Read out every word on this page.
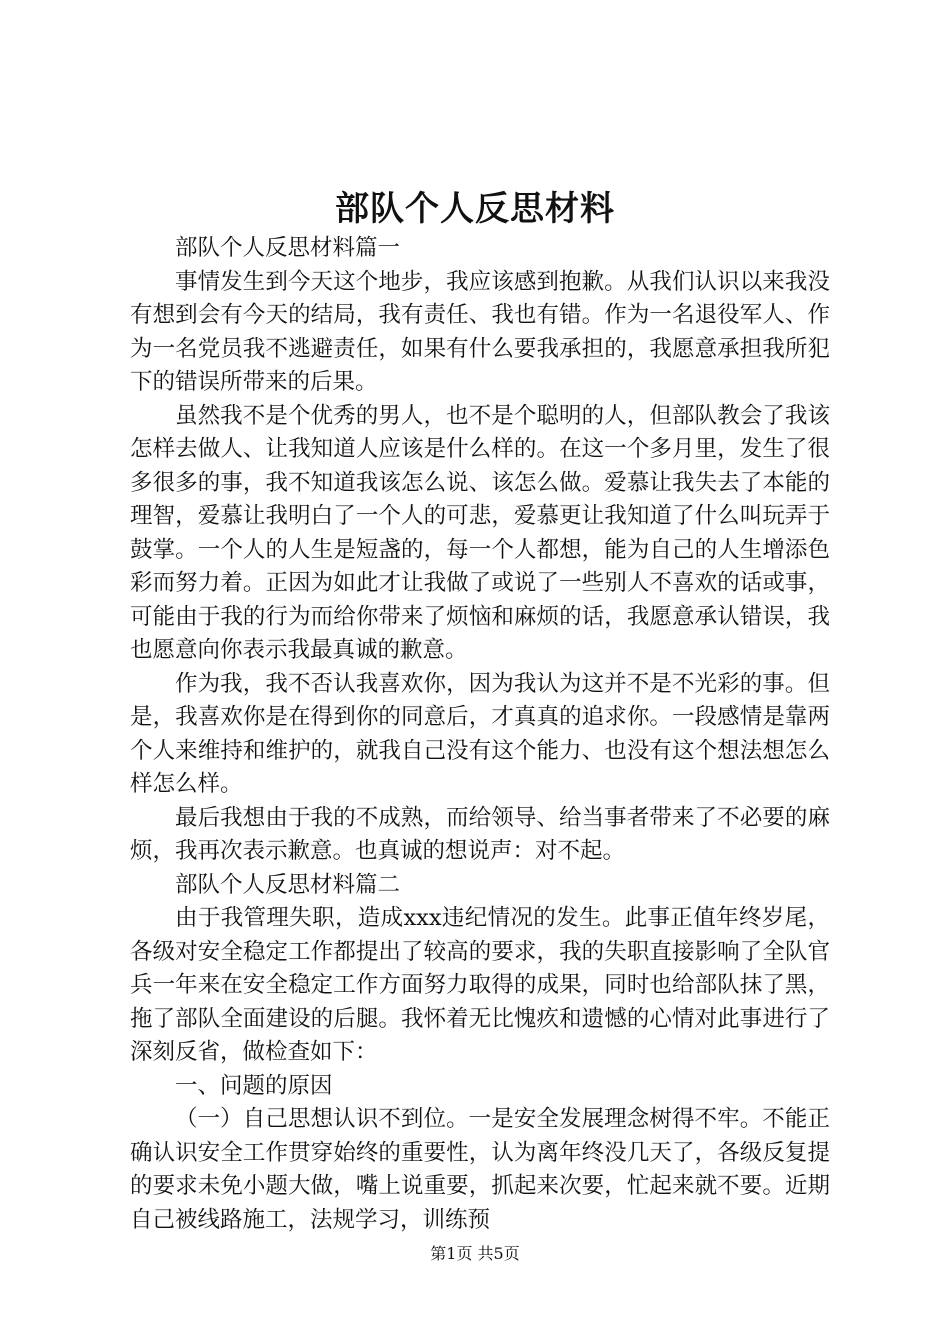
部队个人反思材料

部队个人反思材料篇一

事情发生到今天这个地步，我应该感到抱歉。从我们认识以来我没有想到会有今天的结局，我有责任、我也有错。作为一名退役军人、作为一名党员我不逃避责任，如果有什么要我承担的，我愿意承担我所犯下的错误所带来的后果。

虽然我不是个优秀的男人，也不是个聪明的人，但部队教会了我该怎样去做人、让我知道人应该是什么样的。在这一个多月里，发生了很多很多的事，我不知道我该怎么说、该怎么做。爱慕让我失去了本能的理智，爱慕让我明白了一个人的可悲，爱慕更让我知道了什么叫玩弄于鼓掌。一个人的人生是短盏的，每一个人都想，能为自己的人生增添色彩而努力着。正因为如此才让我做了或说了一些别人不喜欢的话或事，可能由于我的行为而给你带来了烦恼和麻烦的话，我愿意承认错误，我也愿意向你表示我最真诚的歉意。

作为我，我不否认我喜欢你，因为我认为这并不是不光彩的事。但是，我喜欢你是在得到你的同意后，才真真的追求你。一段感情是靠两个人来维持和维护的，就我自己没有这个能力、也没有这个想法想怎么样怎么样。

最后我想由于我的不成熟，而给领导、给当事者带来了不必要的麻烦，我再次表示歉意。也真诚的想说声：对不起。

部队个人反思材料篇二

由于我管理失职，造成xxx违纪情况的发生。此事正值年终岁尾，各级对安全稳定工作都提出了较高的要求，我的失职直接影响了全队官兵一年来在安全稳定工作方面努力取得的成果，同时也给部队抹了黑，拖了部队全面建设的后腿。我怀着无比愧疚和遗憾的心情对此事进行了深刻反省，做检查如下：

一、问题的原因

（一）自己思想认识不到位。一是安全发展理念树得不牢。不能正确认识安全工作贯穿始终的重要性，认为离年终没几天了，各级反复提的要求未免小题大做，嘴上说重要，抓起来次要，忙起来就不要。近期自己被线路施工，法规学习，训练预

第1页 共5页
